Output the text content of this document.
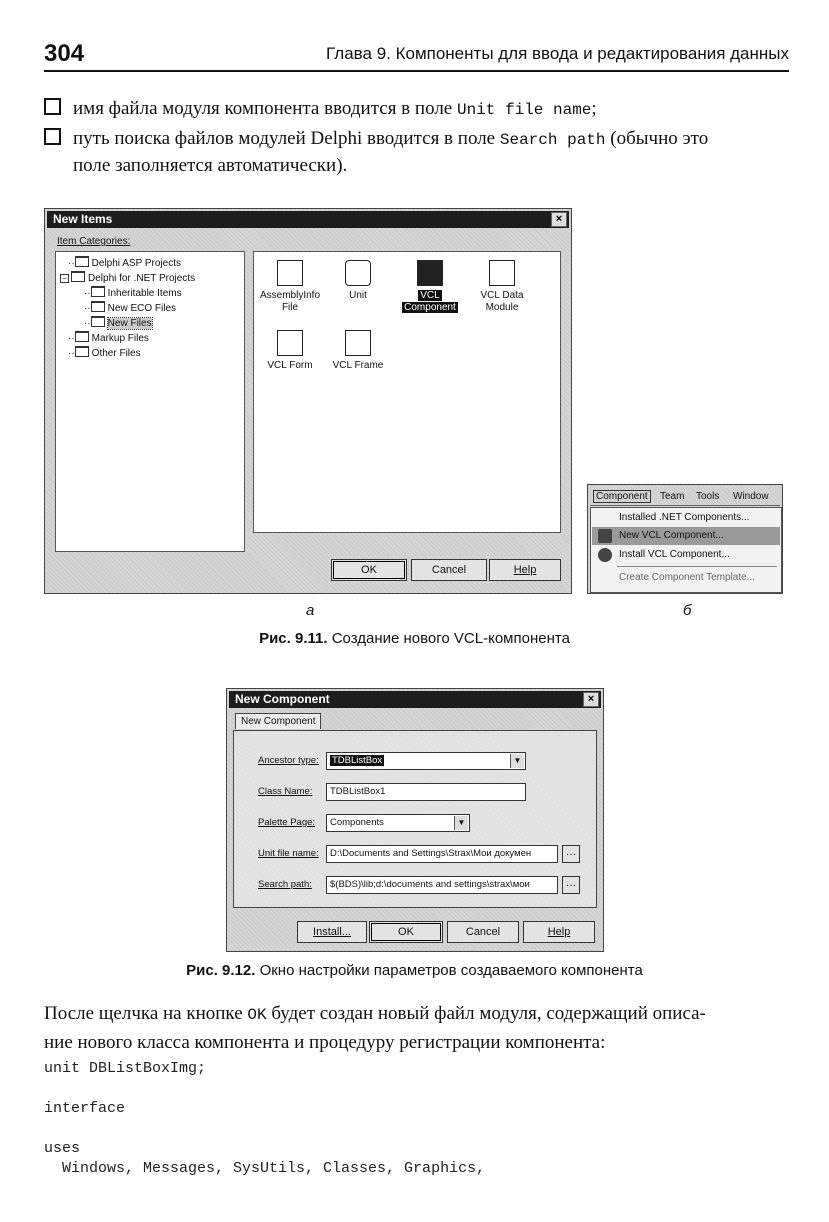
304	Глава 9. Компоненты для ввода и редактирования данных
имя файла модуля компонента вводится в поле Unit file name;
путь поиска файлов модулей Delphi вводится в поле Search path (обычно это
поле заполняется автоматически).
New Items	×
Item Categories:
·· Delphi ASP Projects
− Delphi for .NET Projects
·· Inheritable Items
·· New ECO Files
·· New Files
·· Markup Files
·· Other Files
AssemblyInfo
File
Unit	VCL
Component
VCL Data
Module
VCL Form	VCL Frame
OK	Cancel	Help
Component	Team Tools Window
Installed .NET Components...
New VCL Component...
Install VCL Component...
Create Component Template...
а	б
Рис. 9.11. Создание нового VCL-компонента
New Component	×
New Component
Ancestor type:	TDBListBox	▼
Class Name:	TDBListBox1
Palette Page:	Components	▼
Unit file name:	D:\Documents and Settings\Strax\Мои докумен	…
Search path:	$(BDS)\lib;d:\documents and settings\strax\мои	…
Install...	OK	Cancel	Help
Рис. 9.12. Окно настройки параметров создаваемого компонента
После щелчка на кнопке OK будет создан новый файл модуля, содержащий описа-
ние нового класса компонента и процедуру регистрации компонента:
unit DBListBoxImg;
interface
uses
Windows, Messages, SysUtils, Classes, Graphics,
